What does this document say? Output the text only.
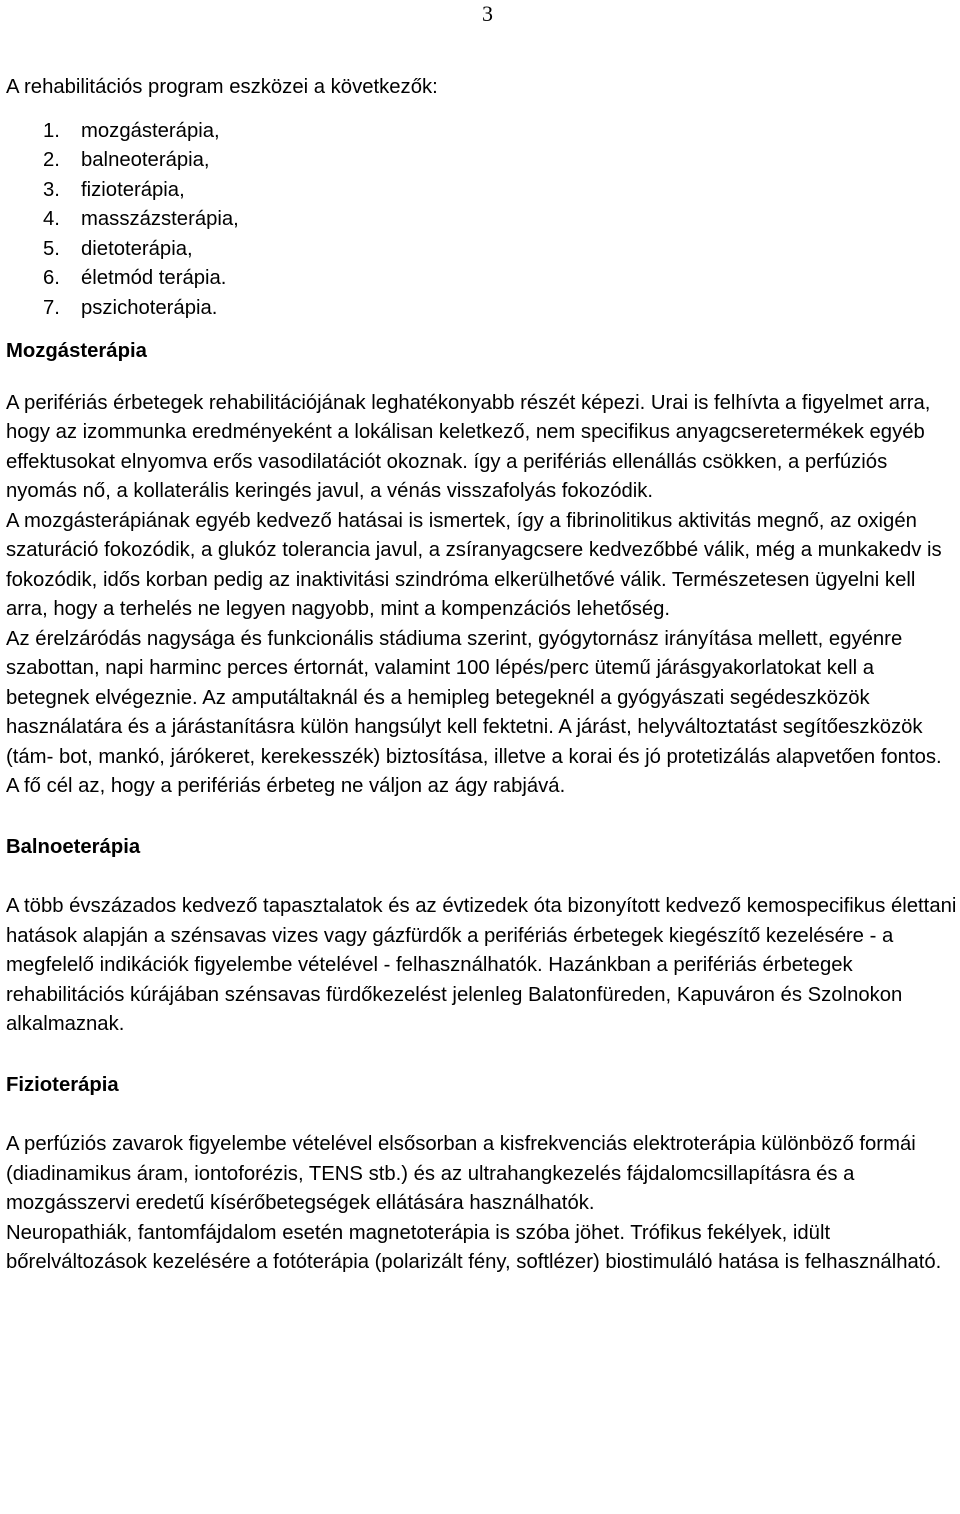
3

A rehabilitációs program eszközei a következők:

1. mozgásterápia,
2. balneoterápia,
3. fizioterápia,
4. masszázsterápia,
5. dietoterápia,
6. életmód terápia.
7. pszichoterápia.
Mozgásterápia

A perifériás érbetegek rehabilitációjának leghatékonyabb részét képezi. Urai is felhívta a figyelmet arra, hogy az izommunka eredményeként a lokálisan keletkező, nem specifikus anyagcseretermékek egyéb effektusokat elnyomva erős vasodilatációt okoznak. így a perifériás ellenállás csökken, a perfúziós nyomás nő, a kollaterális keringés javul, a vénás visszafolyás fokozódik.

A mozgásterápiának egyéb kedvező hatásai is ismertek, így a fibrinolitikus aktivitás megnő, az oxigén szaturáció fokozódik, a glukóz tolerancia javul, a zsíranyagcsere kedvezőbbé válik, még a munkakedv is fokozódik, idős korban pedig az inaktivitási szindróma elkerülhetővé válik. Természetesen ügyelni kell arra, hogy a terhelés ne legyen nagyobb, mint a kompenzációs lehetőség.

Az érelzáródás nagysága és funkcionális stádiuma szerint, gyógytornász irányítása mellett, egyénre szabottan, napi harminc perces értornát, valamint 100 lépés/perc ütemű járásgyakorlatokat kell a betegnek elvégeznie. Az amputáltaknál és a hemipleg betegeknél a gyógyászati segédeszközök használatára és a járástanításra külön hangsúlyt kell fektetni. A járást, helyváltoztatást segítőeszközök (tám- bot, mankó, járókeret, kerekesszék) biztosítása, illetve a korai és jó protetizálás alapvetően fontos.

A fő cél az, hogy a perifériás érbeteg ne váljon az ágy rabjává.

Balnoeterápia

A több évszázados kedvező tapasztalatok és az évtizedek óta bizonyított kedvező kemospecifikus élettani hatások alapján a szénsavas vizes vagy gázfürdők a perifériás érbetegek kiegészítő kezelésére - a megfelelő indikációk figyelembe vételével - felhasználhatók. Hazánkban a perifériás érbetegek rehabilitációs kúrájában szénsavas fürdőkezelést jelenleg Balatonfüreden, Kapuváron és Szolnokon alkalmaznak.

Fizioterápia

A perfúziós zavarok figyelembe vételével elsősorban a kisfrekvenciás elektroterápia különböző formái (diadinamikus áram, iontoforézis, TENS stb.) és az ultrahangkezelés fájdalomcsillapításra és a mozgásszervi eredetű kísérőbetegségek ellátására használhatók.

Neuropathiák, fantomfájdalom esetén magnetoterápia is szóba jöhet. Trófikus fekélyek, idült bőrelváltozások kezelésére a fotóterápia (polarizált fény, softlézer) biostimuláló hatása is felhasználható.
